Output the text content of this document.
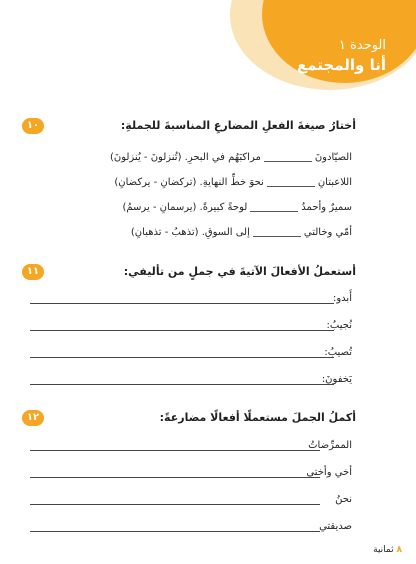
الوحدة ١
أنا والمجتمع
١٠	أختارُ صيغةَ الفعلِ المضارعِ المناسبةَ للجملةِ:
الصيّادونَمراكبَهُم في البحرِ. (تُنزلونَ - يُنزلونَ)
اللاعبتانِنحوَ خطِّ النهايةِ. (تركضانِ - يركضانِ)
سميرٌ وأحمدُلوحةً كبيرةً. (يرسمانِ - يرسمُ)
أمّي وخالتيإلى السوقِ. (تذهبُ - تذهبانِ)
١١	أستعملُ الأفعالَ الآتيةَ في جملٍ من تأليفي:
أَبدو:
نُجيبُ:
تُصيبُ:
يَخفونَ:
١٢	أكملُ الجملَ مستعملًا أفعالًا مضارعةً:
الممرِّضاتُ
أخي وأختي
نحنُ
صديقتي
٨ ثمانية
